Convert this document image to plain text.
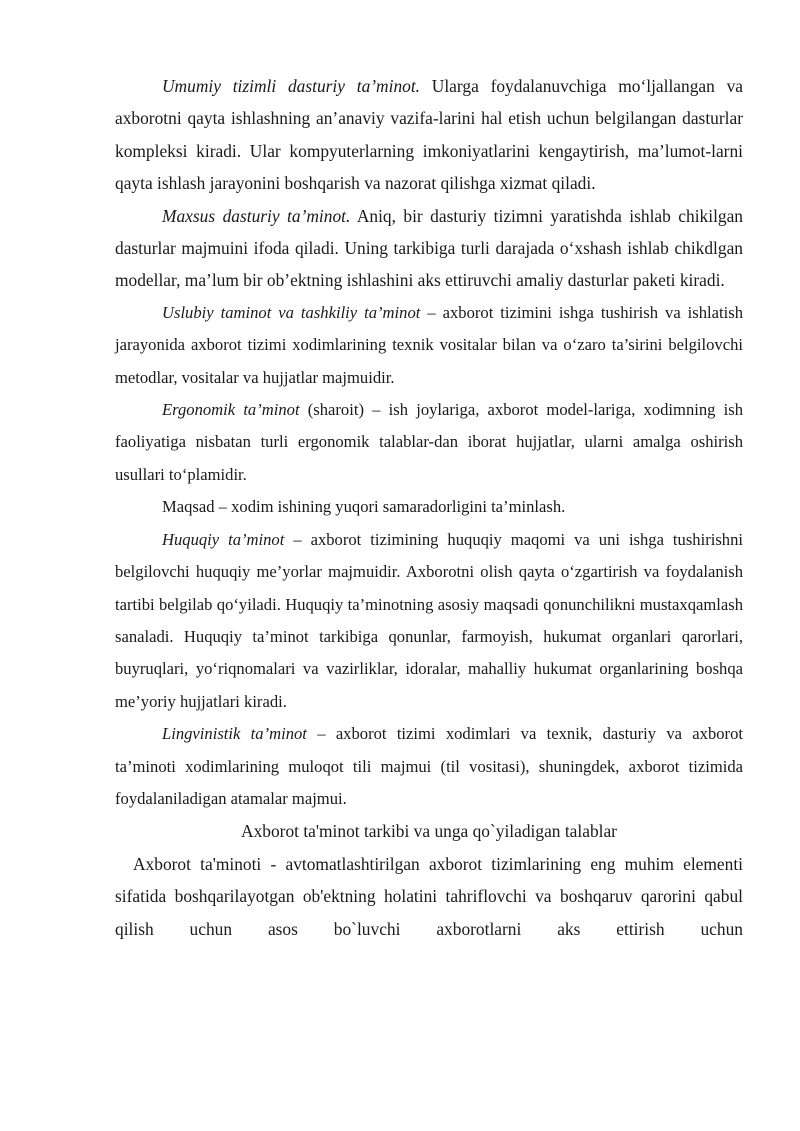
Umumiy tizimli dasturiy ta’minot. Ularga foydalanuvchiga mo‘ljallangan va axborotni qayta ishlashning an’anaviy vazifa-larini hal etish uchun belgilangan dasturlar kompleksi kiradi. Ular kompyuterlarning imkoniyatlarini kengaytirish, ma’lumot-larni qayta ishlash jarayonini boshqarish va nazorat qilishga xizmat qiladi.

Maxsus dasturiy ta’minot. Aniq, bir dasturiy tizimni yaratishda ishlab chikilgan dasturlar majmuini ifoda qiladi. Uning tarkibiga turli darajada o‘xshash ishlab chikdlgan modellar, ma’lum bir ob’ektning ishlashini aks ettiruvchi amaliy dasturlar paketi kiradi.

Uslubiy taminot va tashkiliy ta’minot – axborot tizimini ishga tushirish va ishlatish jarayonida axborot tizimi xodimlarining texnik vositalar bilan va o‘zaro ta’sirini belgilovchi metodlar, vositalar va hujjatlar majmuidir.

Ergonomik ta’minot (sharoit) – ish joylariga, axborot model-lariga, xodimning ish faoliyatiga nisbatan turli ergonomik talablar-dan iborat hujjatlar, ularni amalga oshirish usullari to‘plamidir.

Maqsad – xodim ishining yuqori samaradorligini ta’minlash.

Huquqiy ta’minot – axborot tizimining huquqiy maqomi va uni ishga tushirishni belgilovchi huquqiy me’yorlar majmuidir. Axborotni olish qayta o‘zgartirish va foydalanish tartibi belgilab qo‘yiladi. Huquqiy ta’minotning asosiy maqsadi qonunchilikni mustaxqamlash sanaladi. Huquqiy ta’minot tarkibiga qonunlar, farmoyish, hukumat organlari qarorlari, buyruqlari, yo‘riqnomalari va vazirliklar, idoralar, mahalliy hukumat organlarining boshqa me’yoriy hujjatlari kiradi.

Lingvinistik ta’minot – axborot tizimi xodimlari va texnik, dasturiy va axborot ta’minoti xodimlarining muloqot tili majmui (til vositasi), shuningdek, axborot tizimida foydalaniladigan atamalar majmui.

Axborot ta'minot tarkibi va unga qo`yiladigan talablar

Axborot ta'minoti - avtomatlashtirilgan axborot tizimlarining eng muhim elementi sifatida boshqarilayotgan ob'ektning holatini tahriflovchi va boshqaruv qarorini qabul qilish uchun asos bo`luvchi axborotlarni aks ettirish uchun
